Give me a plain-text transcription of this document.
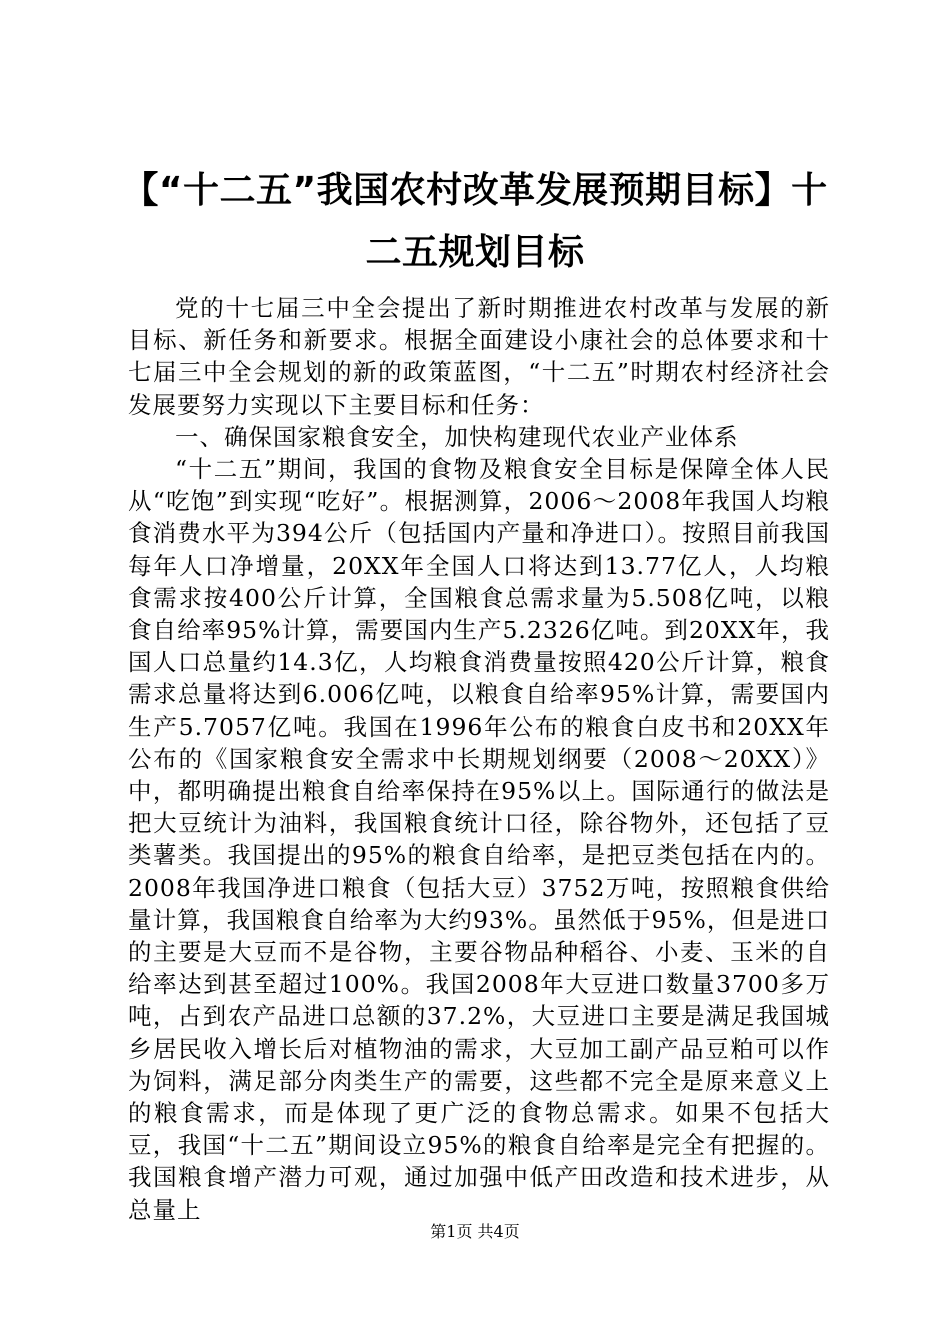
【“十二五”我国农村改革发展预期目标】十二五规划目标

党的十七届三中全会提出了新时期推进农村改革与发展的新目标、新任务和新要求。根据全面建设小康社会的总体要求和十七届三中全会规划的新的政策蓝图，“十二五”时期农村经济社会发展要努力实现以下主要目标和任务：

一、确保国家粮食安全，加快构建现代农业产业体系

“十二五”期间，我国的食物及粮食安全目标是保障全体人民从“吃饱”到实现“吃好”。根据测算，2006～2008年我国人均粮食消费水平为394公斤（包括国内产量和净进口）。按照目前我国每年人口净增量，20XX年全国人口将达到13.77亿人，人均粮食需求按400公斤计算，全国粮食总需求量为5.508亿吨，以粮食自给率95%计算，需要国内生产5.2326亿吨。到20XX年，我国人口总量约14.3亿，人均粮食消费量按照420公斤计算，粮食需求总量将达到6.006亿吨，以粮食自给率95%计算，需要国内生产5.7057亿吨。我国在1996年公布的粮食白皮书和20XX年公布的《国家粮食安全需求中长期规划纲要（2008～20XX）》中，都明确提出粮食自给率保持在95%以上。国际通行的做法是把大豆统计为油料，我国粮食统计口径，除谷物外，还包括了豆类薯类。我国提出的95%的粮食自给率，是把豆类包括在内的。2008年我国净进口粮食（包括大豆）3752万吨，按照粮食供给量计算，我国粮食自给率为大约93%。虽然低于95%，但是进口的主要是大豆而不是谷物，主要谷物品种稻谷、小麦、玉米的自给率达到甚至超过100%。我国2008年大豆进口数量3700多万吨，占到农产品进口总额的37.2%，大豆进口主要是满足我国城乡居民收入增长后对植物油的需求，大豆加工副产品豆粕可以作为饲料，满足部分肉类生产的需要，这些都不完全是原来意义上的粮食需求，而是体现了更广泛的食物总需求。如果不包括大豆，我国“十二五”期间设立95%的粮食自给率是完全有把握的。我国粮食增产潜力可观，通过加强中低产田改造和技术进步，从总量上

第1页 共4页
